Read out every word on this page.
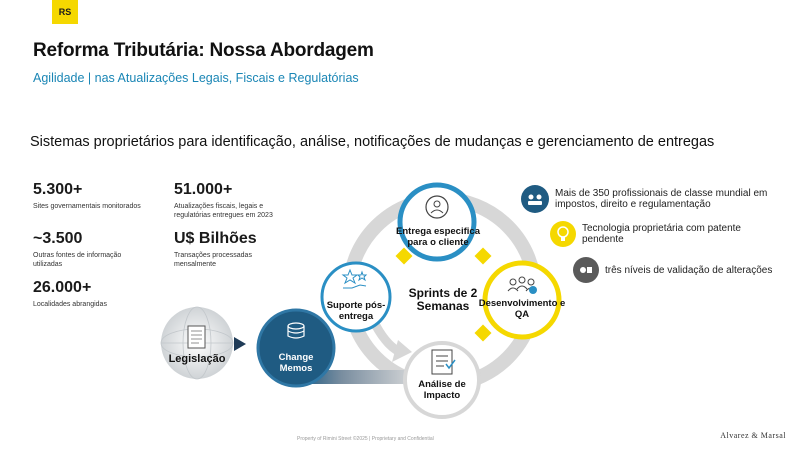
RS
Reforma Tributária: Nossa Abordagem
Agilidade | nas Atualizações Legais, Fiscais e Regulatórias
Sistemas proprietários para identificação, análise, notificações de mudanças e gerenciamento de entregas
5.300+
Sites governamentais monitorados
~3.500
Outras fontes de informação utilizadas
26.000+
Localidades abrangidas
51.000+
Atualizações fiscais, legais e regulatórias entregues em 2023
U$ Bilhões
Transações processadas mensalmente
Legislação	Change Memos
Sprints de 2 Semanas
Entrega especifica para o cliente
Desenvolvimento e QA
Suporte pós-entrega
Análise de Impacto
Mais de 350 profissionais de classe mundial em impostos, direito e regulamentação
Tecnologia proprietária com patente pendente
três níveis de validação de alterações
Property of Rimini Street ©2025 | Proprietary and Confidential	Alvarez & Marsal
